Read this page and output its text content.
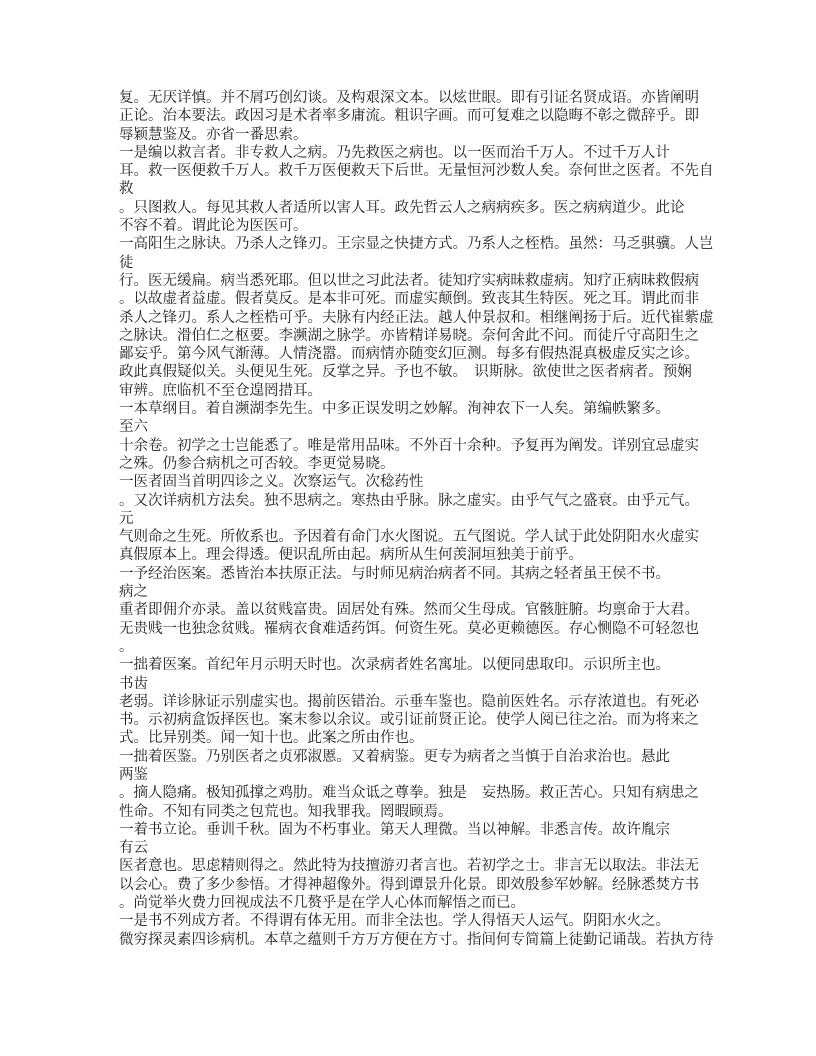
复。无厌详慎。并不屑巧创幻谈。及构艰深文本。以炫世眼。即有引证名贤成语。亦皆阐明
正论。治本要法。政因习是术者率多庸流。粗识字画。而可复难之以隐晦不彰之微辞乎。即
辱颖慧鉴及。亦省一番思索。
一是编以救言者。非专救人之病。乃先救医之病也。以一医而治千万人。不过千万人计
耳。救一医便救千万人。救千万医便救天下后世。无量恒河沙数人矣。奈何世之医者。不先自
救
。只图救人。每见其救人者适所以害人耳。政先哲云人之病病疾多。医之病病道少。此论
不容不着。谓此论为医医可。
一高阳生之脉诀。乃杀人之锋刃。王宗显之快捷方式。乃系人之桎梏。虽然：马乏骐骥。人岂
徒
行。医无缓扁。病当悉死耶。但以世之习此法者。徒知疗实病昧救虚病。知疗正病昧救假病
。以故虚者益虚。假者莫反。是本非可死。而虚实颠倒。致丧其生特医。死之耳。谓此而非
杀人之锋刃。系人之桎梏可乎。夫脉有内经正法。越人仲景叔和。相继阐扬于后。近代崔紫虚
之脉诀。滑伯仁之枢要。李濒湖之脉学。亦皆精详易晓。奈何舍此不问。而徒斤守高阳生之
鄙妄乎。第今风气渐薄。人情浇嚣。而病情亦随变幻叵测。每多有假热混真极虚反实之诊。
政此真假疑似关。头便见生死。反掌之异。予也不敏。　识斯脉。欲使世之医者病者。预娴
审辨。庶临机不至仓遑罔措耳。
一本草纲目。着自濒湖李先生。中多正误发明之妙解。洵神农下一人矣。第编帙繁多。
至六
十余卷。初学之士岂能悉了。唯是常用品味。不外百十余种。予复再为阐发。详别宜忌虚实
之殊。仍参合病机之可否较。李更觉易晓。
一医者固当首明四诊之义。次察运气。次稔药性
。又次详病机方法矣。独不思病之。寒热由乎脉。脉之虚实。由乎气气之盛衰。由乎元气。
元
气则命之生死。所攸系也。予因着有命门水火图说。五气图说。学人试于此处阴阳水火虚实
真假原本上。理会得透。便识乱所由起。病所从生何羡洞垣独美于前乎。
一予经治医案。悉皆治本扶原正法。与时师见病治病者不同。其病之轻者虽王侯不书。
病之
重者即佣介亦录。盖以贫贱富贵。固居处有殊。然而父生母成。官骸脏腑。均禀命于大君。
无贵贱一也独念贫贱。罹病衣食难适药饵。何资生死。莫必更赖德医。存心恻隐不可轻忽也
。
一拙着医案。首纪年月示明天时也。次录病者姓名寓址。以便同患取印。示识所主也。
书齿
老弱。详诊脉证示别虚实也。揭前医错治。示垂车鉴也。隐前医姓名。示存浓道也。有死必
书。示初病盒饭择医也。案末参以余议。或引证前贤正论。使学人阅已往之治。而为将来之
式。比异别类。闻一知十也。此案之所由作也。
一拙着医鉴。乃别医者之贞邪淑慝。又着病鉴。更专为病者之当慎于自治求治也。悬此
两鉴
。摘人隐痛。极知孤撑之鸡肋。难当众诋之尊拳。独是　妄热肠。救正苦心。只知有病患之
性命。不知有同类之包荒也。知我罪我。罔暇顾焉。
一着书立论。垂训千秋。固为不朽事业。第天人理微。当以神解。非悉言传。故许胤宗
有云
医者意也。思虑精则得之。然此特为技擅游刃者言也。若初学之士。非言无以取法。非法无
以会心。费了多少参悟。才得神超像外。得到谭景升化景。即效殷参军妙解。经脉悉焚方书
。尚觉举火费力回视成法不几赘乎是在学人心体而解悟之而已。
一是书不列成方者。不得谓有体无用。而非全法也。学人得悟天人运气。阴阳水火之。
微穷探灵素四诊病机。本草之蕴则千方万方便在方寸。指间何专简篇上徒勤记诵哉。若执方待
